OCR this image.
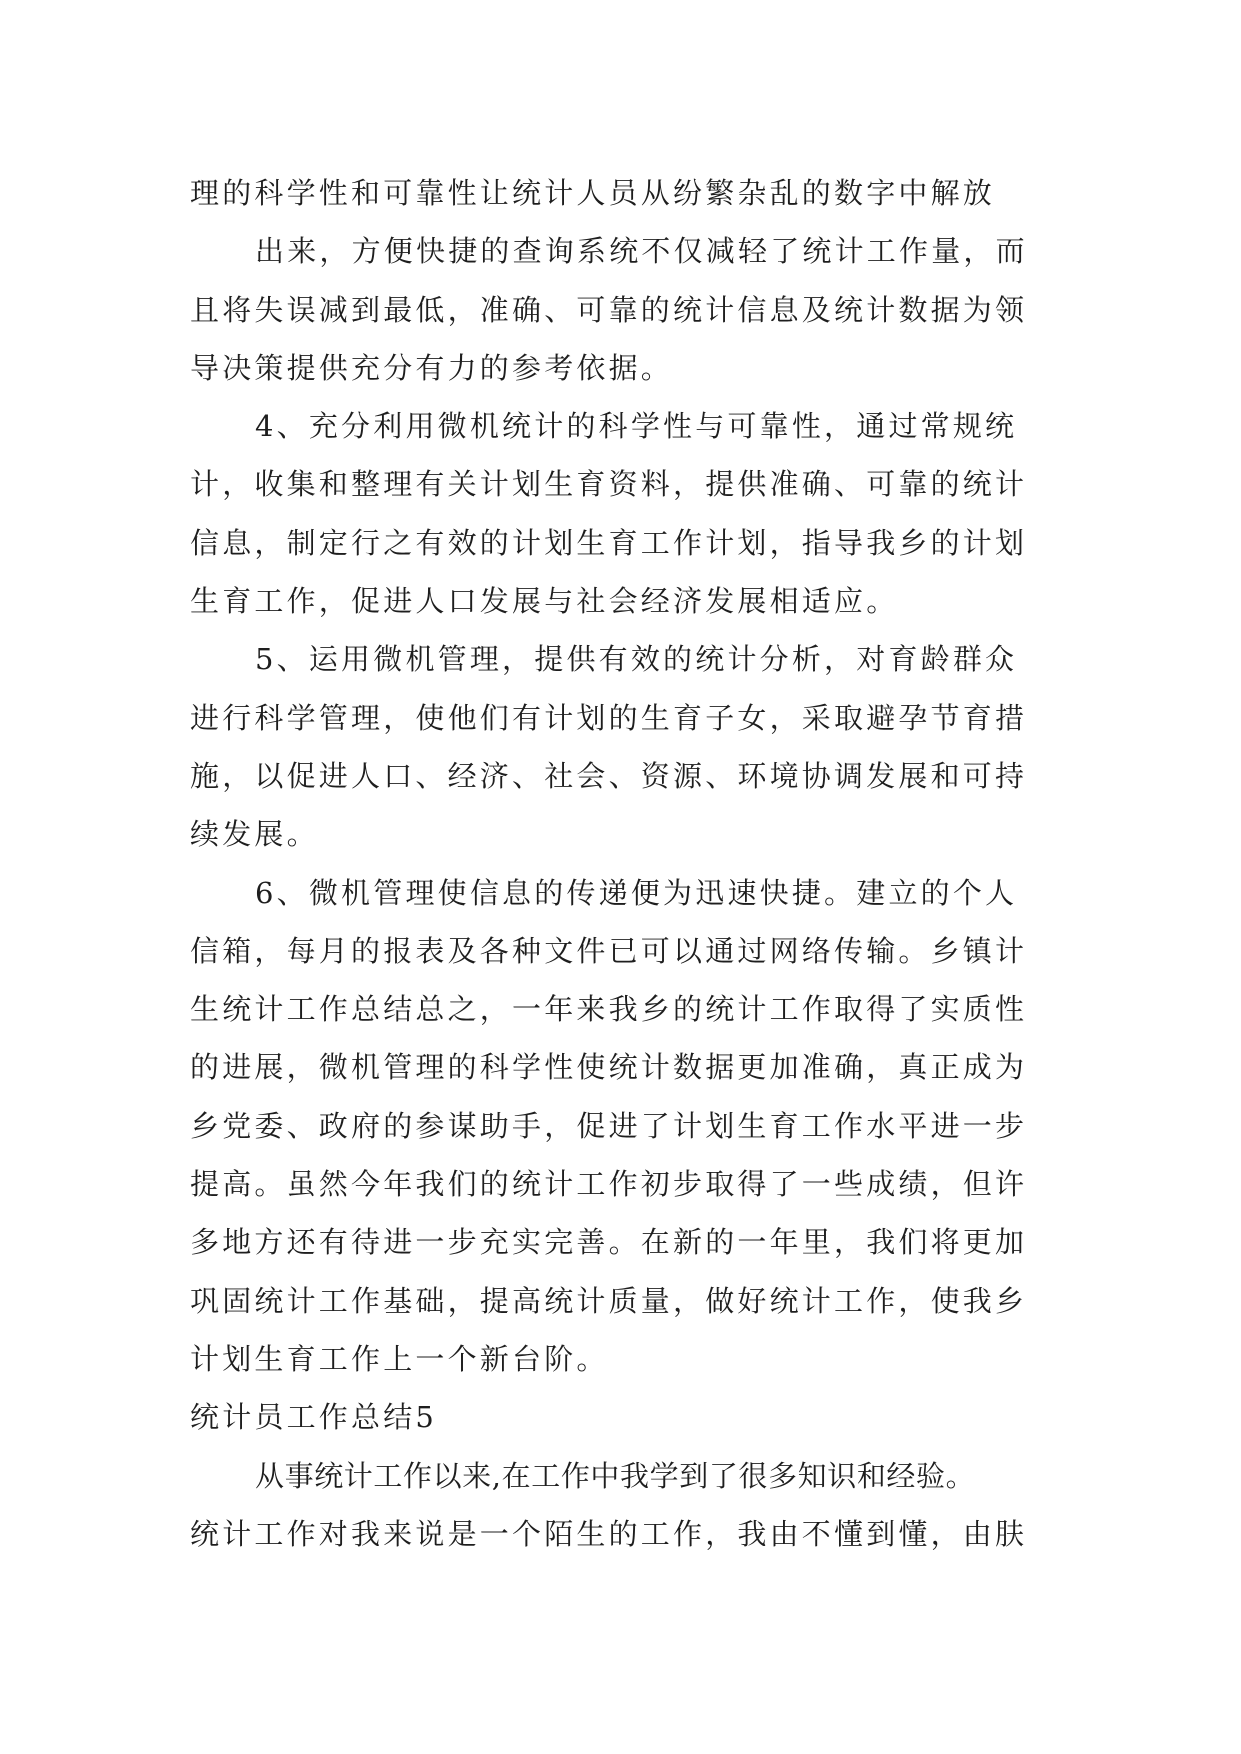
理的科学性和可靠性让统计人员从纷繁杂乱的数字中解放
出来，方便快捷的查询系统不仅减轻了统计工作量，而
且将失误减到最低，准确、可靠的统计信息及统计数据为领
导决策提供充分有力的参考依据。
4、充分利用微机统计的科学性与可靠性，通过常规统
计，收集和整理有关计划生育资料，提供准确、可靠的统计
信息，制定行之有效的计划生育工作计划，指导我乡的计划
生育工作，促进人口发展与社会经济发展相适应。
5、运用微机管理，提供有效的统计分析，对育龄群众
进行科学管理，使他们有计划的生育子女，采取避孕节育措
施，以促进人口、经济、社会、资源、环境协调发展和可持
续发展。
6、微机管理使信息的传递便为迅速快捷。建立的个人
信箱，每月的报表及各种文件已可以通过网络传输。乡镇计
生统计工作总结总之，一年来我乡的统计工作取得了实质性
的进展，微机管理的科学性使统计数据更加准确，真正成为
乡党委、政府的参谋助手，促进了计划生育工作水平进一步
提高。虽然今年我们的统计工作初步取得了一些成绩，但许
多地方还有待进一步充实完善。在新的一年里，我们将更加
巩固统计工作基础，提高统计质量，做好统计工作，使我乡
计划生育工作上一个新台阶。
统计员工作总结5
从事统计工作以来,在工作中我学到了很多知识和经验。
统计工作对我来说是一个陌生的工作，我由不懂到懂，由肤
